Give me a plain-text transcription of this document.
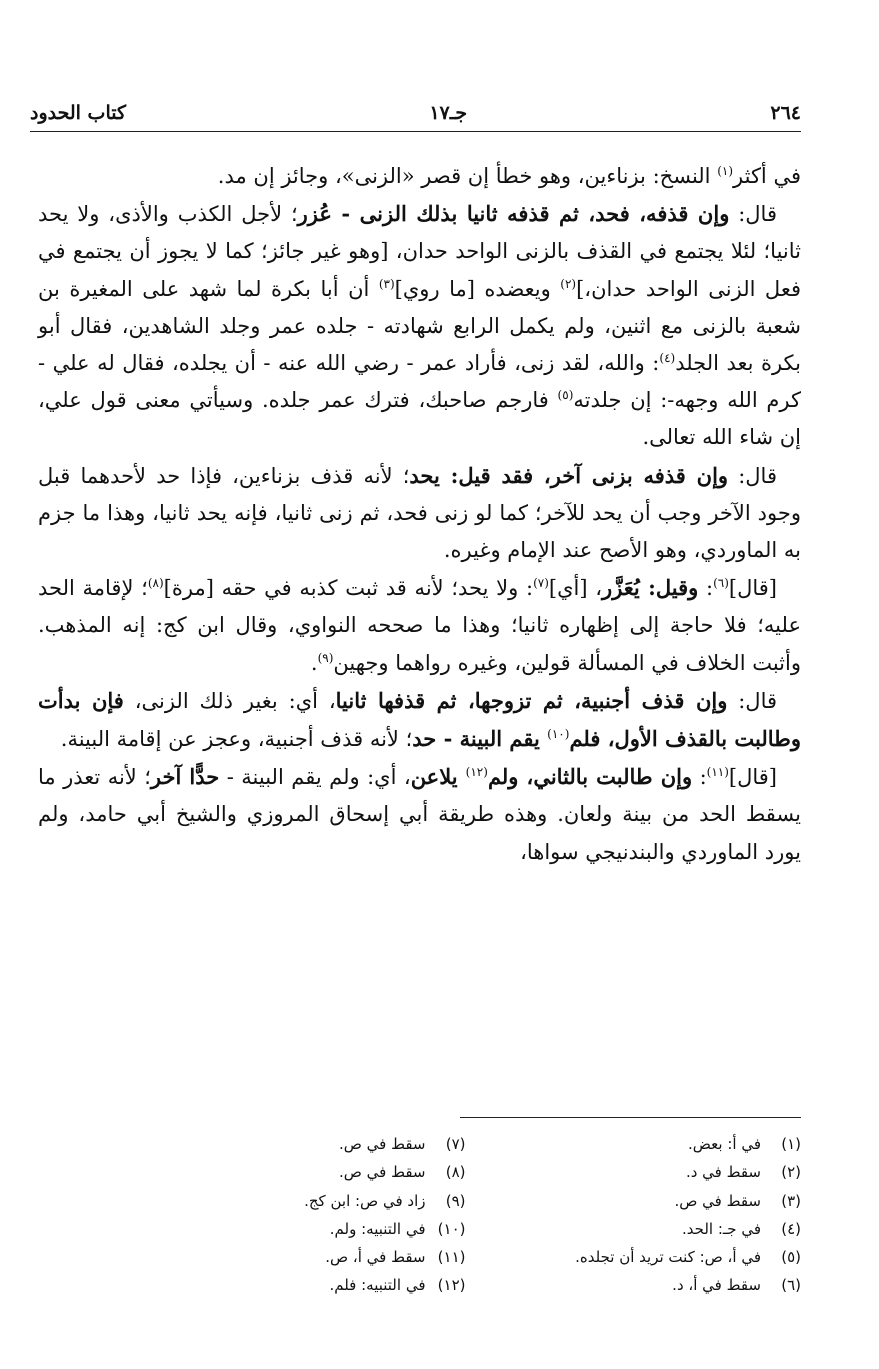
٢٦٤
جـ١٧
كتاب الحدود

في أكثر$^{(١)}$ النسخ: بزناءين، وهو خطأ إن قصر «الزنى»، وجائز إن مد.

قال: وإن قذفه، فحد، ثم قذفه ثانيا بذلك الزنى - عُزر؛ لأجل الكذب والأذى، ولا يحد ثانيا؛ لئلا يجتمع في القذف بالزنى الواحد حدان، [وهو غير جائز؛ كما لا يجوز أن يجتمع في فعل الزنى الواحد حدان،]$^{(٢)}$ ويعضده [ما روي]$^{(٣)}$ أن أبا بكرة لما شهد على المغيرة بن شعبة بالزنى مع اثنين، ولم يكمل الرابع شهادته - جلده عمر وجلد الشاهدين، فقال أبو بكرة بعد الجلد$^{(٤)}$: والله، لقد زنى، فأراد عمر - رضي الله عنه - أن يجلده، فقال له علي - كرم الله وجهه-: إن جلدته$^{(٥)}$ فارجم صاحبك، فترك عمر جلده. وسيأتي معنى قول علي، إن شاء الله تعالى.

قال: وإن قذفه بزنى آخر، فقد قيل: يحد؛ لأنه قذف بزناءين، فإذا حد لأحدهما قبل وجود الآخر وجب أن يحد للآخر؛ كما لو زنى فحد، ثم زنى ثانيا، فإنه يحد ثانيا، وهذا ما جزم به الماوردي، وهو الأصح عند الإمام وغيره.

[قال]$^{(٦)}$: وقيل: يُعَزَّر، [أي]$^{(٧)}$: ولا يحد؛ لأنه قد ثبت كذبه في حقه [مرة]$^{(٨)}$؛ لإقامة الحد عليه؛ فلا حاجة إلى إظهاره ثانيا؛ وهذا ما صححه النواوي، وقال ابن كج: إنه المذهب. وأثبت الخلاف في المسألة قولين، وغيره رواهما وجهين$^{(٩)}$.

قال: وإن قذف أجنبية، ثم تزوجها، ثم قذفها ثانيا، أي: بغير ذلك الزنى، فإن بدأت وطالبت بالقذف الأول، فلم$^{(١٠)}$ يقم البينة - حد؛ لأنه قذف أجنبية، وعجز عن إقامة البينة.

[قال]$^{(١١)}$: وإن طالبت بالثاني، ولم$^{(١٢)}$ يلاعن، أي: ولم يقم البينة - حدًّا آخر؛ لأنه تعذر ما يسقط الحد من بينة ولعان. وهذه طريقة أبي إسحاق المروزي والشيخ أبي حامد، ولم يورد الماوردي والبندنيجي سواها،

(١)في أ: بعض.
(٢)سقط في د.
(٣)سقط في ص.
(٤)في جـ: الحد.
(٥)في أ، ص: كنت تريد أن تجلده.
(٦)سقط في أ، د.
(٧)سقط في ص.
(٨)سقط في ص.
(٩)زاد في ص: ابن كج.
(١٠)في التنبيه: ولم.
(١١)سقط في أ، ص.
(١٢)في التنبيه: فلم.
